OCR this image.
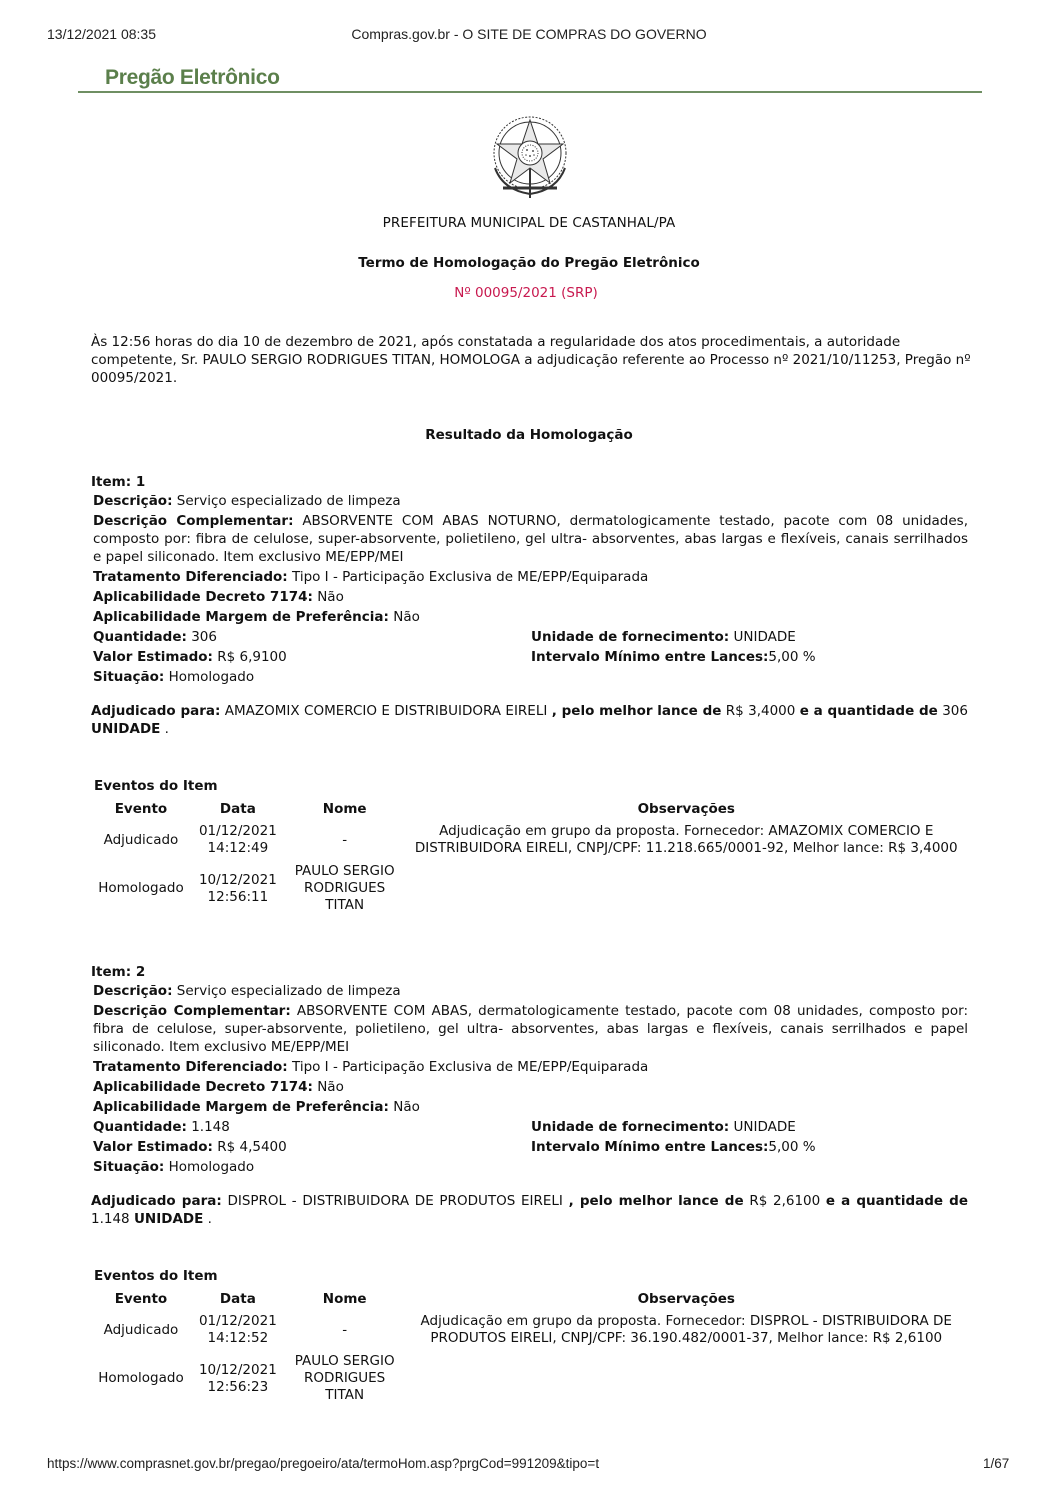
13/12/2021 08:35	Compras.gov.br - O SITE DE COMPRAS DO GOVERNO
Pregão Eletrônico
PREFEITURA MUNICIPAL DE CASTANHAL/PA
Termo de Homologação do Pregão Eletrônico
Nº 00095/2021 (SRP)
Às 12:56 horas do dia 10 de dezembro de 2021, após constatada a regularidade dos atos procedimentais, a autoridade competente, Sr. PAULO SERGIO RODRIGUES TITAN, HOMOLOGA a adjudicação referente ao Processo nº 2021/10/11253, Pregão nº 00095/2021.
Resultado da Homologação
Item: 1
Descrição: Serviço especializado de limpeza
Descrição Complementar: ABSORVENTE COM ABAS NOTURNO, dermatologicamente testado, pacote com 08 unidades, composto por: fibra de celulose, super-absorvente, polietileno, gel ultra- absorventes, abas largas e flexíveis, canais serrilhados e papel siliconado. Item exclusivo ME/EPP/MEI
Tratamento Diferenciado: Tipo I - Participação Exclusiva de ME/EPP/Equiparada
Aplicabilidade Decreto 7174: Não
Aplicabilidade Margem de Preferência: Não
Quantidade: 306	Unidade de fornecimento: UNIDADE
Valor Estimado: R$ 6,9100	Intervalo Mínimo entre Lances:5,00 %
Situação: Homologado
Adjudicado para: AMAZOMIX COMERCIO E DISTRIBUIDORA EIRELI , pelo melhor lance de R$ 3,4000 e a quantidade de 306 UNIDADE .
Eventos do Item
Evento	Data	Nome	Observações
Adjudicado	01/12/2021 14:12:49	-	Adjudicação em grupo da proposta. Fornecedor: AMAZOMIX COMERCIO E DISTRIBUIDORA EIRELI, CNPJ/CPF: 11.218.665/0001-92, Melhor lance: R$ 3,4000
Homologado	10/12/2021 12:56:11	PAULO SERGIO RODRIGUES TITAN	
Item: 2
Descrição: Serviço especializado de limpeza
Descrição Complementar: ABSORVENTE COM ABAS, dermatologicamente testado, pacote com 08 unidades, composto por: fibra de celulose, super-absorvente, polietileno, gel ultra- absorventes, abas largas e flexíveis, canais serrilhados e papel siliconado. Item exclusivo ME/EPP/MEI
Tratamento Diferenciado: Tipo I - Participação Exclusiva de ME/EPP/Equiparada
Aplicabilidade Decreto 7174: Não
Aplicabilidade Margem de Preferência: Não
Quantidade: 1.148	Unidade de fornecimento: UNIDADE
Valor Estimado: R$ 4,5400	Intervalo Mínimo entre Lances:5,00 %
Situação: Homologado
Adjudicado para: DISPROL - DISTRIBUIDORA DE PRODUTOS EIRELI , pelo melhor lance de R$ 2,6100 e a quantidade de 1.148 UNIDADE .
Eventos do Item
Evento	Data	Nome	Observações
Adjudicado	01/12/2021 14:12:52	-	Adjudicação em grupo da proposta. Fornecedor: DISPROL - DISTRIBUIDORA DE PRODUTOS EIRELI, CNPJ/CPF: 36.190.482/0001-37, Melhor lance: R$ 2,6100
Homologado	10/12/2021 12:56:23	PAULO SERGIO RODRIGUES TITAN	
https://www.comprasnet.gov.br/pregao/pregoeiro/ata/termoHom.asp?prgCod=991209&tipo=t	1/67
